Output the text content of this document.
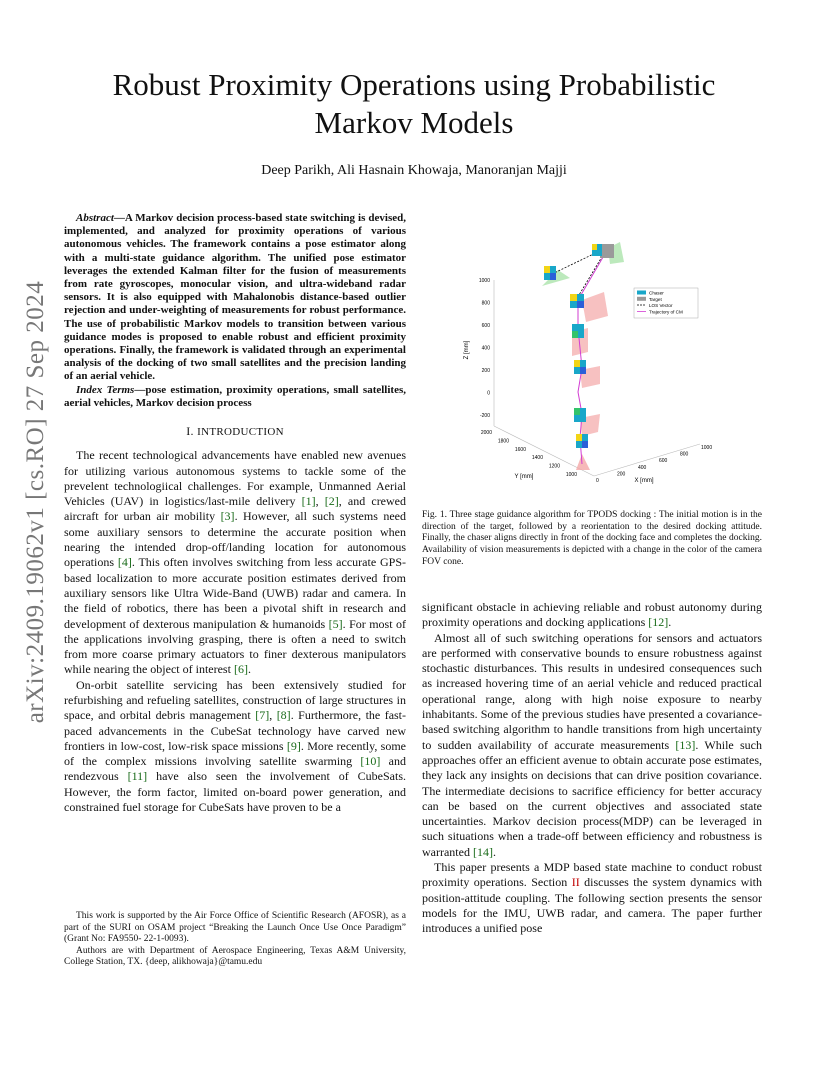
arXiv:2409.19062v1 [cs.RO] 27 Sep 2024
Robust Proximity Operations using Probabilistic Markov Models
Deep Parikh, Ali Hasnain Khowaja, Manoranjan Majji

Abstract—A Markov decision process-based state switching is devised, implemented, and analyzed for proximity operations of various autonomous vehicles. The framework contains a pose estimator along with a multi-state guidance algorithm. The unified pose estimator leverages the extended Kalman filter for the fusion of measurements from rate gyroscopes, monocular vision, and ultra-wideband radar sensors. It is also equipped with Mahalonobis distance-based outlier rejection and under-weighting of measurements for robust performance. The use of probabilistic Markov models to transition between various guidance modes is proposed to enable robust and efficient proximity operations. Finally, the framework is validated through an experimental analysis of the docking of two small satellites and the precision landing of an aerial vehicle.

Index Terms—pose estimation, proximity operations, small satellites, aerial vehicles, Markov decision process

I. INTRODUCTION

The recent technological advancements have enabled new avenues for utilizing various autonomous systems to tackle some of the prevelent technologiical challenges. For example, Unmanned Aerial Vehicles (UAV) in logistics/last-mile delivery [1], [2], and crewed aircraft for urban air mobility [3]. However, all such systems need some auxiliary sensors to determine the accurate position when nearing the intended drop-off/landing location for autonomous operations [4]. This often involves switching from less accurate GPS-based localization to more accurate position estimates derived from auxiliary sensors like Ultra Wide-Band (UWB) radar and camera. In the field of robotics, there has been a pivotal shift in research and development of dexterous manipulation & humanoids [5]. For most of the applications involving grasping, there is often a need to switch from more coarse primary actuators to finer dexterous manipulators while nearing the object of interest [6].

On-orbit satellite servicing has been extensively studied for refurbishing and refueling satellites, construction of large structures in space, and orbital debris management [7], [8]. Furthermore, the fast-paced advancements in the CubeSat technology have carved new frontiers in low-cost, low-risk space missions [9]. More recently, some of the complex missions involving satellite swarming [10] and rendezvous [11] have also seen the involvement of CubeSats. However, the form factor, limited on-board power generation, and constrained fuel storage for CubeSats have proven to be a

This work is supported by the Air Force Office of Scientific Research (AFOSR), as a part of the SURI on OSAM project “Breaking the Launch Once Use Once Paradigm” (Grant No: FA9550- 22-1-0093).

Authors are with Department of Aerospace Engineering, Texas A&M University, College Station, TX. {deep, alikhowaja}@tamu.edu

1000
800
600
400
200
0
-200
2000
1800
1600
1400
1200
1000
0
200
400
600
800
1000
Z [mm]
Y [mm]
X [mm]
Chaser
Target
LOS Vector
Trajectory of CM
Fig. 1. Three stage guidance algorithm for TPODS docking : The initial motion is in the direction of the target, followed by a reorientation to the desired docking attitude. Finally, the chaser aligns directly in front of the docking face and completes the docking. Availability of vision measurements is depicted with a change in the color of the camera FOV cone.

significant obstacle in achieving reliable and robust autonomy during proximity operations and docking applications [12].

Almost all of such switching operations for sensors and actuators are performed with conservative bounds to ensure robustness against stochastic disturbances. This results in undesired consequences such as increased hovering time of an aerial vehicle and reduced practical operational range, along with high noise exposure to nearby inhabitants. Some of the previous studies have presented a covariance-based switching algorithm to handle transitions from high uncertainty to sudden availability of accurate measurements [13]. While such approaches offer an efficient avenue to obtain accurate pose estimates, they lack any insights on decisions that can drive position covariance. The intermediate decisions to sacrifice efficiency for better accuracy can be based on the current objectives and associated state uncertainties. Markov decision process(MDP) can be leveraged in such situations when a trade-off between efficiency and robustness is warranted [14].

This paper presents a MDP based state machine to conduct robust proximity operations. Section II discusses the system dynamics with position-attitude coupling. The following section presents the sensor models for the IMU, UWB radar, and camera. The paper further introduces a unified pose
